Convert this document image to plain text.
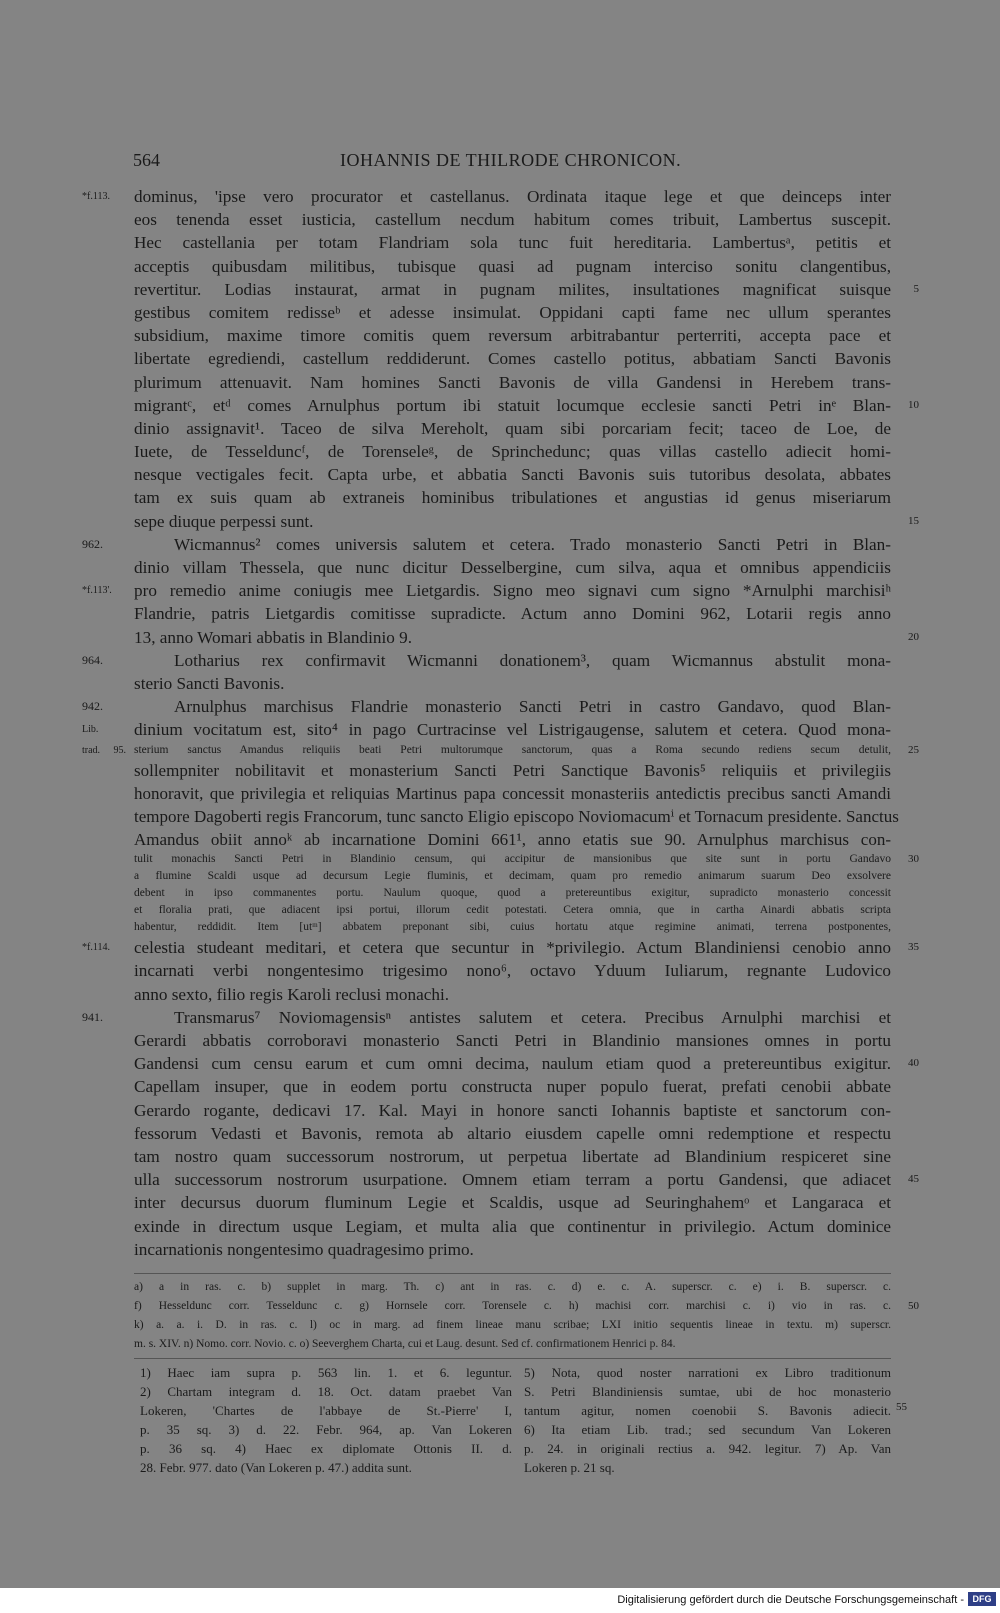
564	IOHANNIS DE THILRODE CHRONICON.
*f.113.	dominus, 'ipse vero procurator et castellanus. Ordinata itaque lege et que deinceps inter
eos tenenda esset iusticia, castellum necdum habitum comes tribuit, Lambertus suscepit.
Hec castellania per totam Flandriam sola tunc fuit hereditaria. Lambertusᵃ, petitis et
acceptis quibusdam militibus, tubisque quasi ad pugnam interciso sonitu clangentibus,
revertitur. Lodias instaurat, armat in pugnam milites, insultationes magnificat suisque 5
gestibus comitem redisseᵇ et adesse insimulat. Oppidani capti fame nec ullum sperantes
subsidium, maxime timore comitis quem reversum arbitrabantur perterriti, accepta pace et
libertate egrediendi, castellum reddiderunt. Comes castello potitus, abbatiam Sancti Bavonis
plurimum attenuavit. Nam homines Sancti Bavonis de villa Gandensi in Herebem trans-
migrantᶜ, etᵈ comes Arnulphus portum ibi statuit locumque ecclesie sancti Petri inᵉ Blan- 10
dinio assignavit¹. Taceo de silva Mereholt, quam sibi porcariam fecit; taceo de Loe, de
Iuete, de Tesselduncᶠ, de Torenseleᵍ, de Sprinchedunc; quas villas castello adiecit homi-
nesque vectigales fecit. Capta urbe, et abbatia Sancti Bavonis suis tutoribus desolata, abbates
tam ex suis quam ab extraneis hominibus tribulationes et angustias id genus miseriarum
sepe diuque perpessi sunt.	15
962.	Wicmannus² comes universis salutem et cetera. Trado monasterio Sancti Petri in Blan-
dinio villam Thessela, que nunc dicitur Desselbergine, cum silva, aqua et omnibus appendiciis
*f.113'.	pro remedio anime coniugis mee Lietgardis. Signo meo signavi cum signo *Arnulphi marchisiʰ
Flandrie, patris Lietgardis comitisse supradicte. Actum anno Domini 962, Lotarii regis anno
13, anno Womari abbatis in Blandinio 9.	20
964.	Lotharius rex confirmavit Wicmanni donationem³, quam Wicmannus abstulit mona-
sterio Sancti Bavonis.
942.	Arnulphus marchisus Flandrie monasterio Sancti Petri in castro Gandavo, quod Blan-
Lib.	dinium vocitatum est, sito⁴ in pago Curtracinse vel Listrigaugense, salutem et cetera. Quod mona-
trad. 95. sterium sanctus Amandus reliquiis beati Petri multorumque sanctorum, quas a Roma secundo rediens secum detulit, 25
sollempniter nobilitavit et monasterium Sancti Petri Sanctique Bavonis⁵ reliquiis et privilegiis
honoravit, que privilegia et reliquias Martinus papa concessit monasteriis antedictis precibus sancti Amandi
tempore Dagoberti regis Francorum, tunc sancto Eligio episcopo Noviomacumⁱ et Tornacum presidente. Sanctus
Amandus obiit annoᵏ ab incarnatione Domini 661¹, anno etatis sue 90. Arnulphus marchisus con-
tulit monachis Sancti Petri in Blandinio censum, qui accipitur de mansionibus que site sunt in portu Gandavo 30
a flumine Scaldi usque ad decursum Legie fluminis, et decimam, quam pro remedio animarum suarum Deo exsolvere
debent in ipso commanentes portu. Naulum quoque, quod a pretereuntibus exigitur, supradicto monasterio concessit
et floralia prati, que adiacent ipsi portui, illorum cedit potestati. Cetera omnia, que in cartha Ainardi abbatis scripta
habentur, reddidit. Item [utᵐ] abbatem preponant sibi, cuius hortatu atque regimine animati, terrena postponentes,
*f.114.	celestia studeant meditari, et cetera que secuntur in *privilegio. Actum Blandiniensi cenobio anno 35
incarnati verbi nongentesimo trigesimo nono⁶, octavo Yduum Iuliarum, regnante Ludovico
anno sexto, filio regis Karoli reclusi monachi.
941.	Transmarus⁷ Noviomagensisⁿ antistes salutem et cetera. Precibus Arnulphi marchisi et
Gerardi abbatis corroboravi monasterio Sancti Petri in Blandinio mansiones omnes in portu
Gandensi cum censu earum et cum omni decima, naulum etiam quod a pretereuntibus exigitur. 40
Capellam insuper, que in eodem portu constructa nuper populo fuerat, prefati cenobii abbate
Gerardo rogante, dedicavi 17. Kal. Mayi in honore sancti Iohannis baptiste et sanctorum con-
fessorum Vedasti et Bavonis, remota ab altario eiusdem capelle omni redemptione et respectu
tam nostro quam successorum nostrorum, ut perpetua libertate ad Blandinium respiceret sine
ulla successorum nostrorum usurpatione. Omnem etiam terram a portu Gandensi, que adiacet 45
inter decursus duorum fluminum Legie et Scaldis, usque ad Seuringhahemᵒ et Langaraca et
exinde in directum usque Legiam, et multa alia que continentur in privilegio. Actum dominice
incarnationis nongentesimo quadragesimo primo.
a) a in ras. c. b) supplet in marg. Th. c) ant in ras. c. d) e. c. A. superscr. c. e) i. B. superscr. c.
f) Hesseldunc corr. Tesseldunc c. g) Hornsele corr. Torensele c. h) machisi corr. marchisi c. i) vio in ras. c. 50
k) a. a. i. D. in ras. c. l) oc in marg. ad finem lineae manu scribae; LXI initio sequentis lineae in textu. m) superscr.
m. s. XIV. n) Nomo. corr. Novio. c. o) Seeverghem Charta, cui et Laug. desunt. Sed cf. confirmationem Henrici p. 84.
1) Haec iam supra p. 563 lin. 1. et 6. leguntur.
2) Chartam integram d. 18. Oct. datam praebet Van
Lokeren, 'Chartes de l'abbaye de St.-Pierre' I,
p. 35 sq. 3) d. 22. Febr. 964, ap. Van Lokeren
p. 36 sq. 4) Haec ex diplomate Ottonis II. d.
28. Febr. 977. dato (Van Lokeren p. 47.) addita sunt.
5) Nota, quod noster narrationi ex Libro traditionum
S. Petri Blandiniensis sumtae, ubi de hoc monasterio
tantum agitur, nomen coenobii S. Bavonis adiecit.
6) Ita etiam Lib. trad.; sed secundum Van Lokeren
p. 24. in originali rectius a. 942. legitur. 7) Ap. Van
Lokeren p. 21 sq.
55
Digitalisierung gefördert durch die Deutsche Forschungsgemeinschaft - DFG
